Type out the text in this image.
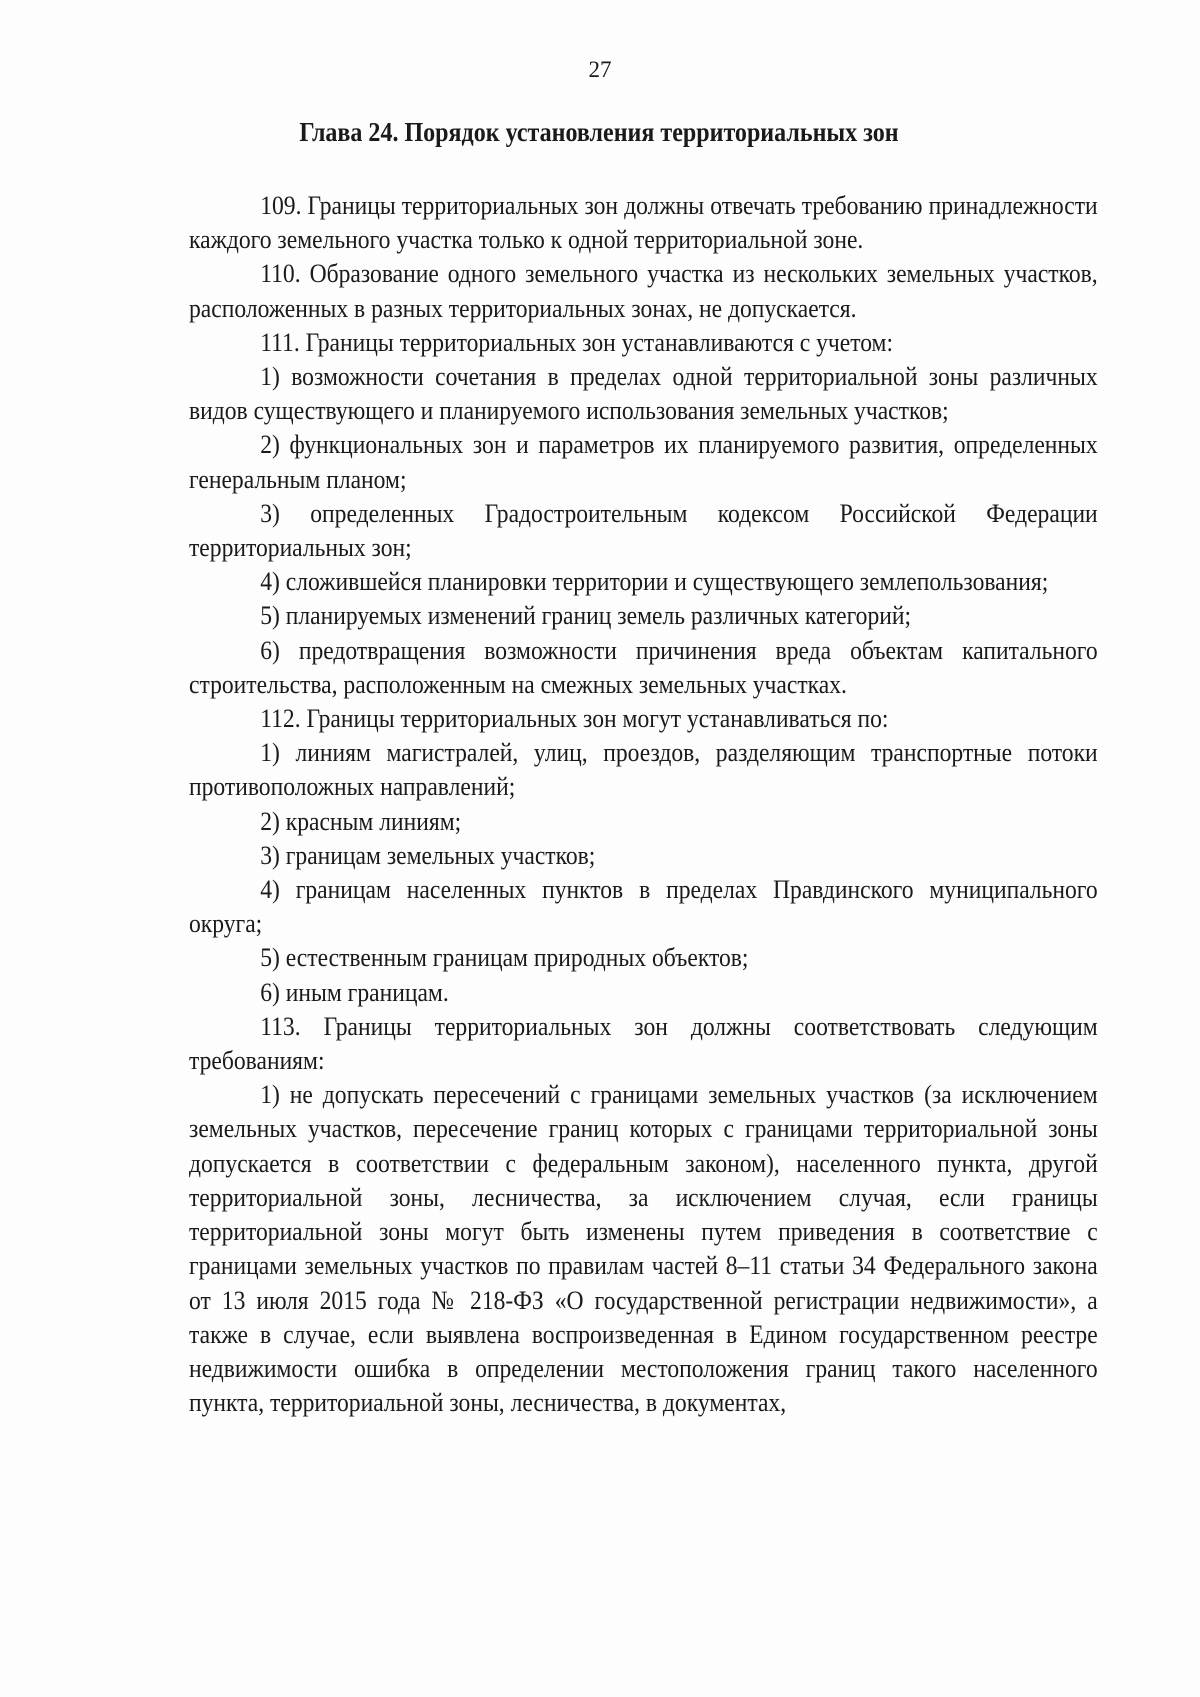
27
Глава 24. Порядок установления территориальных зон

109. Границы территориальных зон должны отвечать требованию принадлежности каждого земельного участка только к одной территориальной зоне.

110. Образование одного земельного участка из нескольких земельных участков, расположенных в разных территориальных зонах, не допускается.

111. Границы территориальных зон устанавливаются с учетом:

1) возможности сочетания в пределах одной территориальной зоны различных видов существующего и планируемого использования земельных участков;

2) функциональных зон и параметров их планируемого развития, определенных генеральным планом;

3) определенных Градостроительным кодексом Российской Федерации территориальных зон;

4) сложившейся планировки территории и существующего землепользования;

5) планируемых изменений границ земель различных категорий;

6) предотвращения возможности причинения вреда объектам капитального строительства, расположенным на смежных земельных участках.

112. Границы территориальных зон могут устанавливаться по:

1) линиям магистралей, улиц, проездов, разделяющим транспортные потоки противоположных направлений;

2) красным линиям;

3) границам земельных участков;

4) границам населенных пунктов в пределах Правдинского муниципального округа;

5) естественным границам природных объектов;

6) иным границам.

113. Границы территориальных зон должны соответствовать следующим требованиям:

1) не допускать пересечений с границами земельных участков (за исключением земельных участков, пересечение границ которых с границами территориальной зоны допускается в соответствии с федеральным законом), населенного пункта, другой территориальной зоны, лесничества, за исключением случая, если границы территориальной зоны могут быть изменены путем приведения в соответствие с границами земельных участков по правилам частей 8–11 статьи 34 Федерального закона от 13 июля 2015 года № 218-ФЗ «О государственной регистрации недвижимости», а также в случае, если выявлена воспроизведенная в Едином государственном реестре недвижимости ошибка в определении местоположения границ такого населенного пункта, территориальной зоны, лесничества, в документах,
